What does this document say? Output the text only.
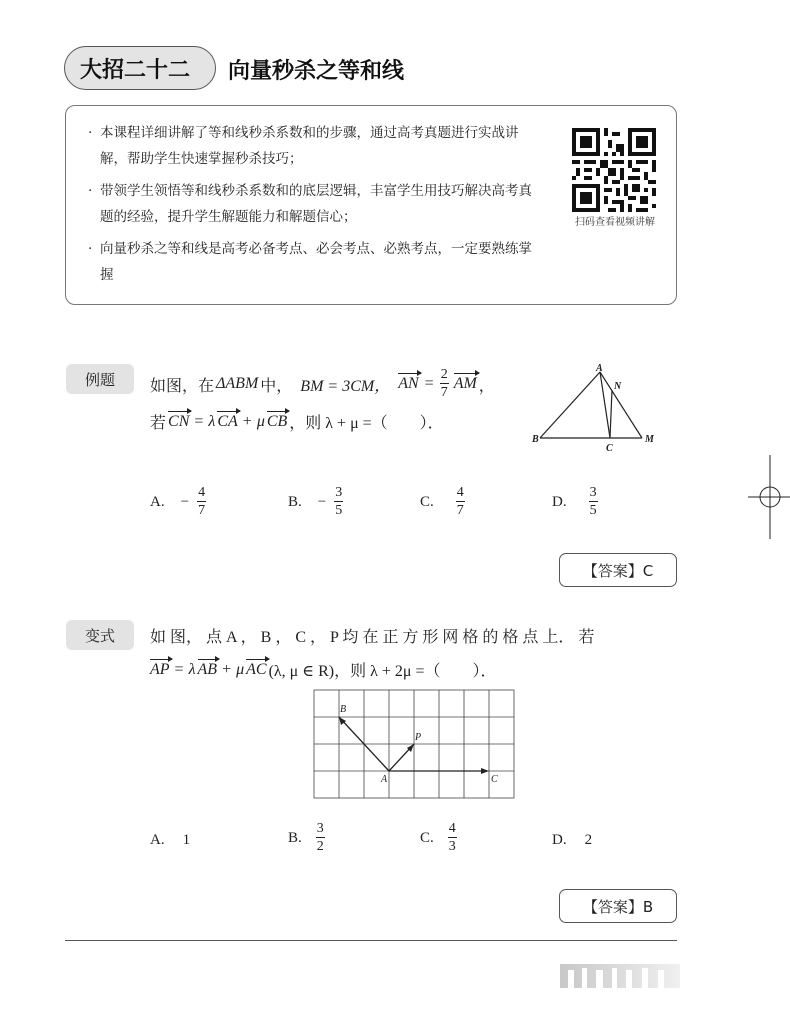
大招二十二	向量秒杀之等和线
· 本课程详细讲解了等和线秒杀系数和的步骤，通过高考真题进行实战讲解，帮助学生快速掌握秒杀技巧；
· 带领学生领悟等和线秒杀系数和的底层逻辑，丰富学生用技巧解决高考真题的经验，提升学生解题能力和解题信心；
· 向量秒杀之等和线是高考必备考点、必会考点、必熟考点，一定要熟练掌握
扫码查看视频讲解
例题	如图，在 ΔABM 中， BM = 3CM， AN = $\frac{2}{7}$ AM ，
若 CN = λ CA + μ CB ，则 λ + μ =（　　）．
A
B
C
M
N
A. − $\frac{4}{7}$	B. − $\frac{3}{5}$	C. $\frac{4}{7}$	D. $\frac{3}{5}$
【答案】C
变式	如 图， 点 A ， B ， C ， P 均 在 正 方 形 网 格 的 格 点 上． 若
AP = λ AB + μ AC (λ, μ ∈ R)，则 λ + 2μ =（　　）．
B
A
P
C
A. 1	B. $\frac{3}{2}$	C. $\frac{4}{3}$	D. 2
【答案】B
